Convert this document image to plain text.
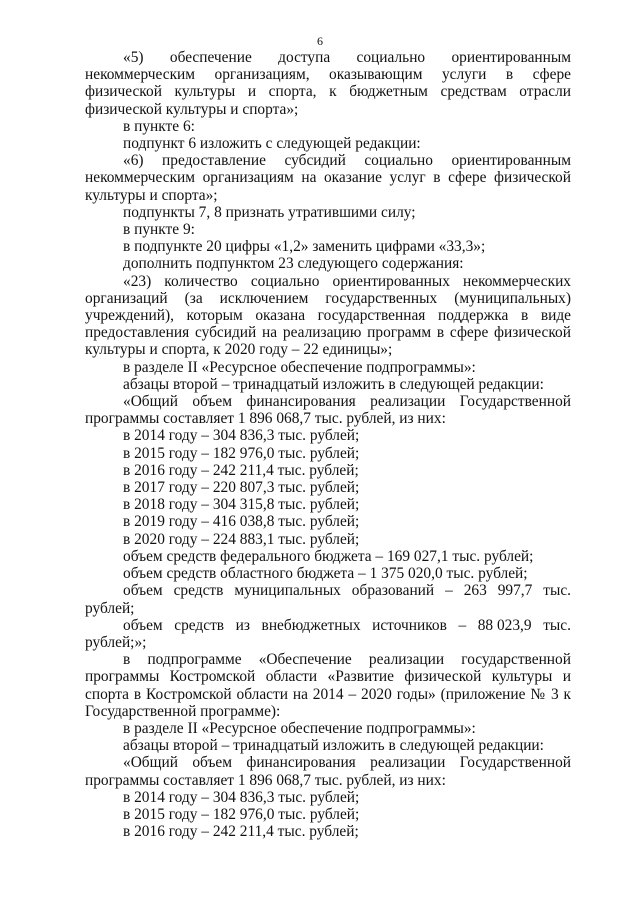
6
«5) обеспечение доступа социально ориентированным

некоммерческим организациям, оказывающим услуги в сфере физической культуры и спорта, к бюджетным средствам отрасли физической культуры и спорта»;

в пункте 6:

подпункт 6 изложить с следующей редакции:

«6) предоставление субсидий социально ориентированным

некоммерческим организациям на оказание услуг в сфере физической культуры и спорта»;

подпункты 7, 8 признать утратившими силу;

в пункте 9:

в подпункте 20 цифры «1,2» заменить цифрами «33,3»;

дополнить подпунктом 23 следующего содержания:

«23) количество социально ориентированных некоммерческих

организаций (за исключением государственных (муниципальных) учреждений), которым оказана государственная поддержка в виде предоставления субсидий на реализацию программ в сфере физической культуры и спорта, к 2020 году – 22 единицы»;

в разделе II «Ресурсное обеспечение подпрограммы»:

абзацы второй – тринадцатый изложить в следующей редакции:

«Общий объем финансирования реализации Государственной программы составляет 1 896 068,7 тыс. рублей, из них:

в 2014 году – 304 836,3 тыс. рублей;

в 2015 году – 182 976,0 тыс. рублей;

в 2016 году – 242 211,4 тыс. рублей;

в 2017 году – 220 807,3 тыс. рублей;

в 2018 году – 304 315,8 тыс. рублей;

в 2019 году – 416 038,8 тыс. рублей;

в 2020 году – 224 883,1 тыс. рублей;

объем средств федерального бюджета – 169 027,1 тыс. рублей;

объем средств областного бюджета – 1 375 020,0 тыс. рублей;

объем средств муниципальных образований – 263 997,7 тыс. рублей;

объем средств из внебюджетных источников – 88 023,9 тыс.

рублей;»;

в подпрограмме «Обеспечение реализации государственной

программы Костромской области «Развитие физической культуры и спорта в Костромской области на 2014 – 2020 годы» (приложение № 3 к Государственной программе):

в разделе II «Ресурсное обеспечение подпрограммы»:

абзацы второй – тринадцатый изложить в следующей редакции:

«Общий объем финансирования реализации Государственной программы составляет 1 896 068,7 тыс. рублей, из них:

в 2014 году – 304 836,3 тыс. рублей;

в 2015 году – 182 976,0 тыс. рублей;

в 2016 году – 242 211,4 тыс. рублей;
